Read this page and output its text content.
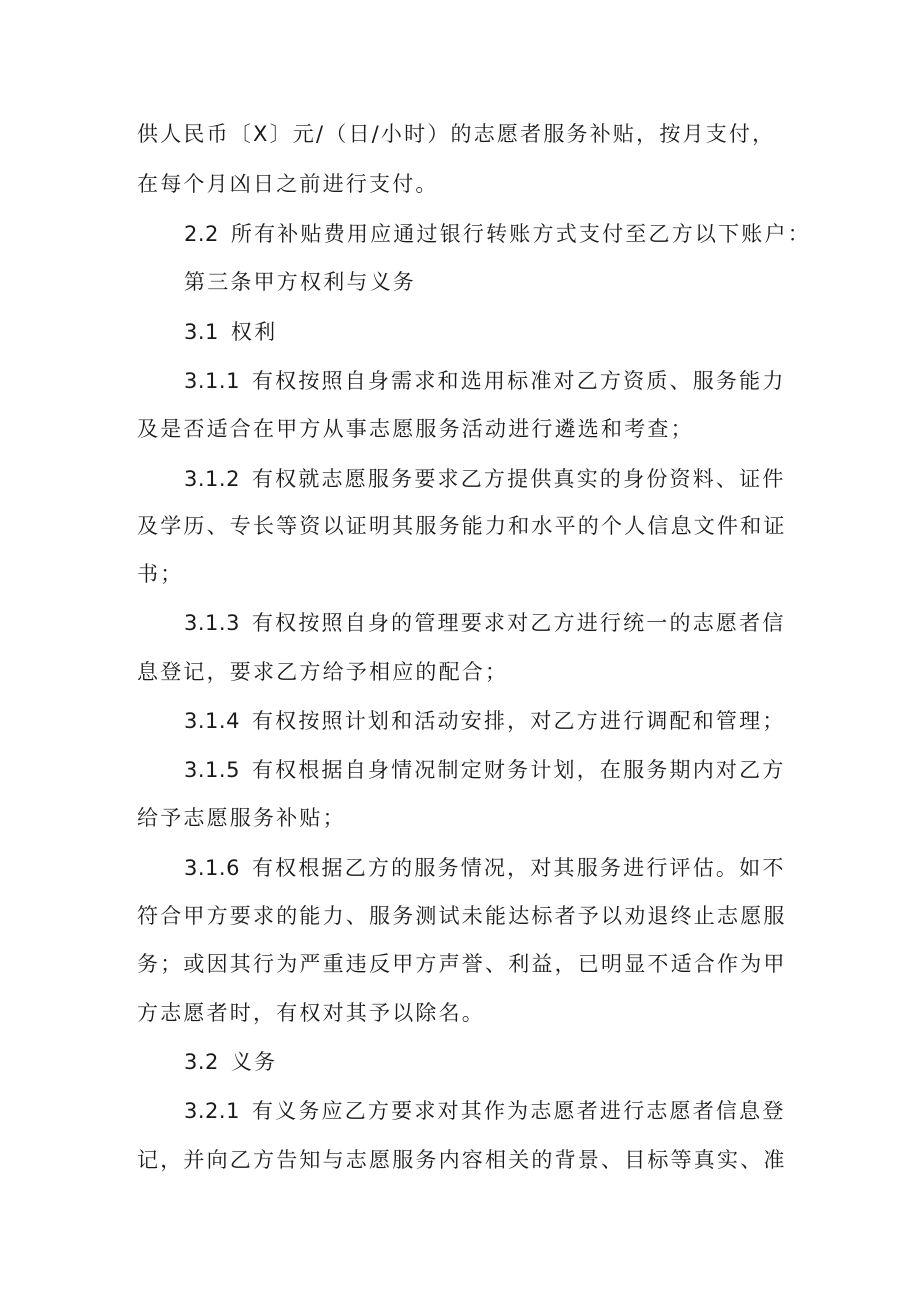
供人民币〔X〕元/（日/小时）的志愿者服务补贴，按月支付，
在每个月凶日之前进行支付。
2.2 所有补贴费用应通过银行转账方式支付至乙方以下账户：
第三条甲方权利与义务
3.1 权利
3.1.1 有权按照自身需求和选用标准对乙方资质、服务能力
及是否适合在甲方从事志愿服务活动进行遴选和考查；
3.1.2 有权就志愿服务要求乙方提供真实的身份资料、证件
及学历、专长等资以证明其服务能力和水平的个人信息文件和证
书；
3.1.3 有权按照自身的管理要求对乙方进行统一的志愿者信
息登记，要求乙方给予相应的配合；
3.1.4 有权按照计划和活动安排，对乙方进行调配和管理；
3.1.5 有权根据自身情况制定财务计划，在服务期内对乙方
给予志愿服务补贴；
3.1.6 有权根据乙方的服务情况，对其服务进行评估。如不
符合甲方要求的能力、服务测试未能达标者予以劝退终止志愿服
务；或因其行为严重违反甲方声誉、利益，已明显不适合作为甲
方志愿者时，有权对其予以除名。
3.2 义务
3.2.1 有义务应乙方要求对其作为志愿者进行志愿者信息登
记，并向乙方告知与志愿服务内容相关的背景、目标等真实、准
